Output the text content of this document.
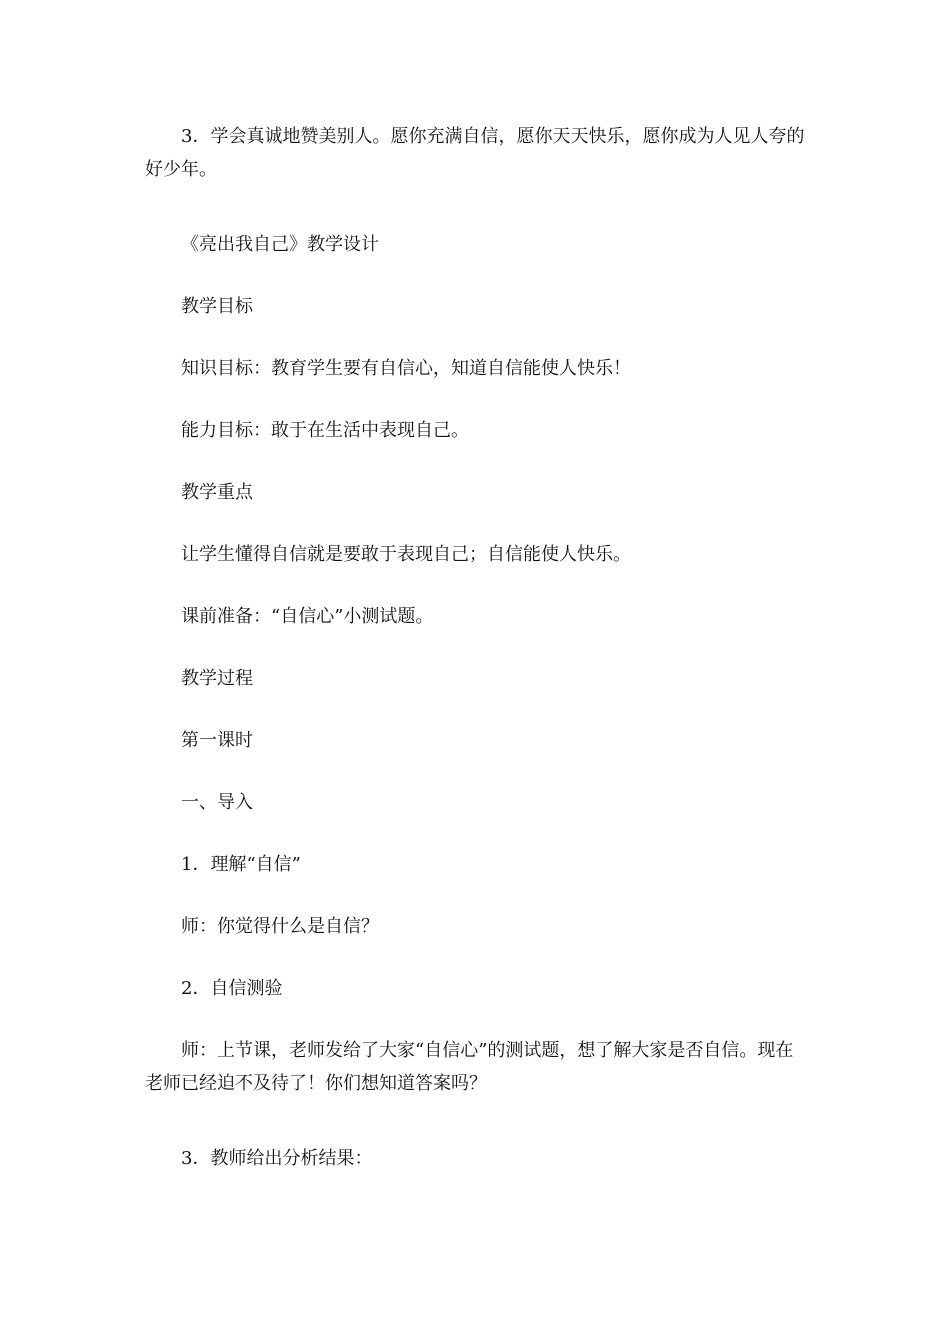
3．学会真诚地赞美别人。愿你充满自信，愿你天天快乐，愿你成为人见人夸的好少年。

《亮出我自己》教学设计

教学目标

知识目标：教育学生要有自信心，知道自信能使人快乐！

能力目标：敢于在生活中表现自己。

教学重点

让学生懂得自信就是要敢于表现自己；自信能使人快乐。

课前准备：“自信心”小测试题。

教学过程

第一课时

一、导入

1．理解“自信”

师：你觉得什么是自信？

2．自信测验

师：上节课，老师发给了大家“自信心”的测试题，想了解大家是否自信。现在老师已经迫不及待了！你们想知道答案吗？

3．教师给出分析结果：
